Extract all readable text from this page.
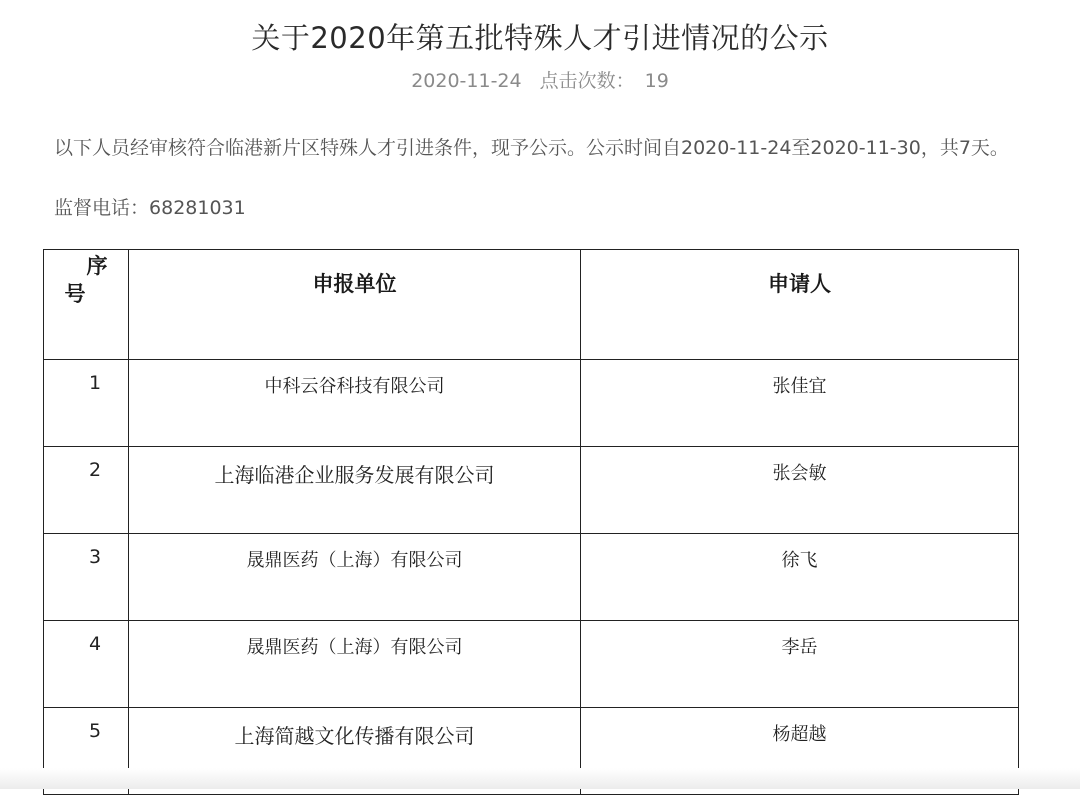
关于2020年第五批特殊人才引进情况的公示
2020-11-24 点击次数： 19
以下人员经审核符合临港新片区特殊人才引进条件，现予公示。公示时间自2020-11-24至2020-11-30，共7天。
监督电话：68281031
序
号	申报单位	申请人
1	中科云谷科技有限公司	张佳宜
2	上海临港企业服务发展有限公司	张会敏
3	晟鼎医药（上海）有限公司	徐飞
4	晟鼎医药（上海）有限公司	李岳
5	上海简越文化传播有限公司	杨超越
